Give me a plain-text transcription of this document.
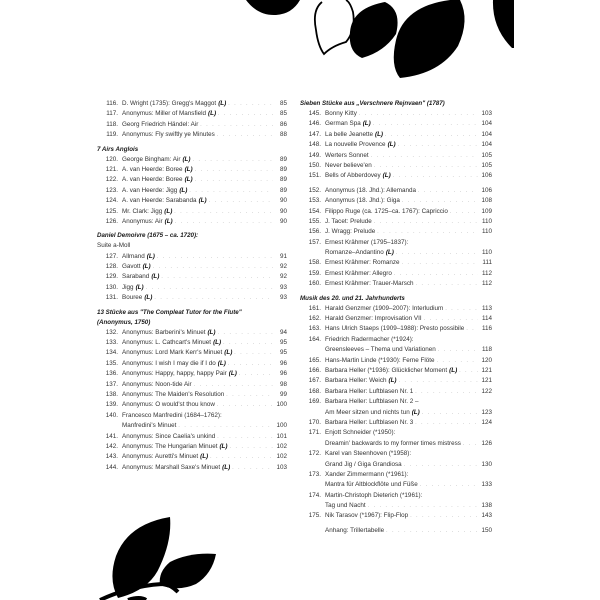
116. D. Wright (1735): Gregg's Maggot (L) . . .	85
117. Anonymus: Miller of Mansfield (L) . . .	85
118. Georg Friedrich Händel: Air . . .	86
119. Anonymus: Fly swiftly ye Minutes . . .	88
7 Airs Anglois
120. George Bingham: Air (L) . . .	89
121. A. van Heerde: Boree (L) . . .	89
122. A. van Heerde: Boree (L) . . .	89
123. A. van Heerde: Jigg (L) . . .	89
124. A. van Heerde: Sarabanda (L) . . .	90
125. Mr. Clark: Jigg (L) . . .	90
126. Anonymus: Air (L) . . .	90
Daniel Demoivre (1675 – ca. 1720):
Suite a-Moll
127. Allmand (L) . . .	91
128. Gavott (L) . . .	92
129. Saraband (L) . . .	92
130. Jigg (L) . . .	93
131. Bouree (L) . . .	93
13 Stücke aus "The Compleat Tutor for the Flute"
(Anonymus, 1750)
132. Anonymus: Barberini's Minuet (L) . . .	94
133. Anonymus: L. Cathcart's Minuet (L) . . .	95
134. Anonymus: Lord Mark Kerr's Minuet (L) . . .	95
135. Anonymus: I wish I may die if I do (L) . . .	96
136. Anonymus: Happy, happy, happy Pair (L) . . .	96
137. Anonymus: Noon-tide Air . . .	98
138. Anonymus: The Maiden's Resolution . . .	99
139. Anonymus: O would'st thou know . . .	100
140. Francesco Manfredini (1684–1762):
Manfredini's Minuet . . .	100
141. Anonymus: Since Caelia's unkind . . .	101
142. Anonymus: The Hungarian Minuet (L) . . .	102
143. Anonymus: Auretti's Minuet (L) . . .	102
144. Anonymus: Marshall Saxe's Minuet (L) . . .	103
Sieben Stücke aus „Verschnere Rejnvaen" (1787)
145. Bonny Kitty . . .	103
146. German Spa (L) . . .	104
147. La belle Jeanette (L) . . .	104
148. La nouvelle Provence (L) . . .	104
149. Werters Sonnet . . .	105
150. Never believe'en . . .	105
151. Bells of Abberdovey (L) . . .	106
152. Anonymus (18. Jhd.): Allemanda . . .	106
153. Anonymus (18. Jhd.): Giga . . .	108
154. Filippo Ruge (ca. 1725–ca. 1767): Capriccio . . .	109
155. J. Tacet: Prelude . . .	110
156. J. Wragg: Prelude . . .	110
157. Ernest Krähmer (1795–1837):
Romanze–Andantino (L) . . .	110
158. Ernest Krähmer: Romanze . . .	111
159. Ernest Krähmer: Allegro . . .	112
160. Ernest Krähmer: Trauer-Marsch . . .	112
Musik des 20. und 21. Jahrhunderts
161. Harald Genzmer (1909–2007): Interludium . . .	113
162. Harald Genzmer: Improvisation VII . . .	114
163. Hans Ulrich Staeps (1909–1988): Presto possibile . . .	116
164. Friedrich Radermacher (*1924):
Greensleeves – Thema und Variationen . . .	118
165. Hans-Martin Linde (*1930): Ferne Flöte . . .	120
166. Barbara Heller (*1936): Glücklicher Moment (L) . . .	121
167. Barbara Heller: Weich (L) . . .	121
168. Barbara Heller: Luftblasen Nr. 1 . . .	122
169. Barbara Heller: Luftblasen Nr. 2 –
Am Meer sitzen und nichts tun (L) . . .	123
170. Barbara Heller: Luftblasen Nr. 3 . . .	124
171. Enjott Schneider (*1950):
Dreamin' backwards to my former times mistress . . .	126
172. Karel van Steenhoven (*1958):
Grand Jig / Giga Grandiosa . . .	130
173. Xander Zimmermann (*1961):
Mantra für Altblockflöte und Füße . . .	133
174. Martin-Christoph Dieterich (*1961):
Tag und Nacht . . .	138
175. Nik Tarasov (*1967): Flip-Flop . . .	143
Anhang: Trillertabelle . . .	150
